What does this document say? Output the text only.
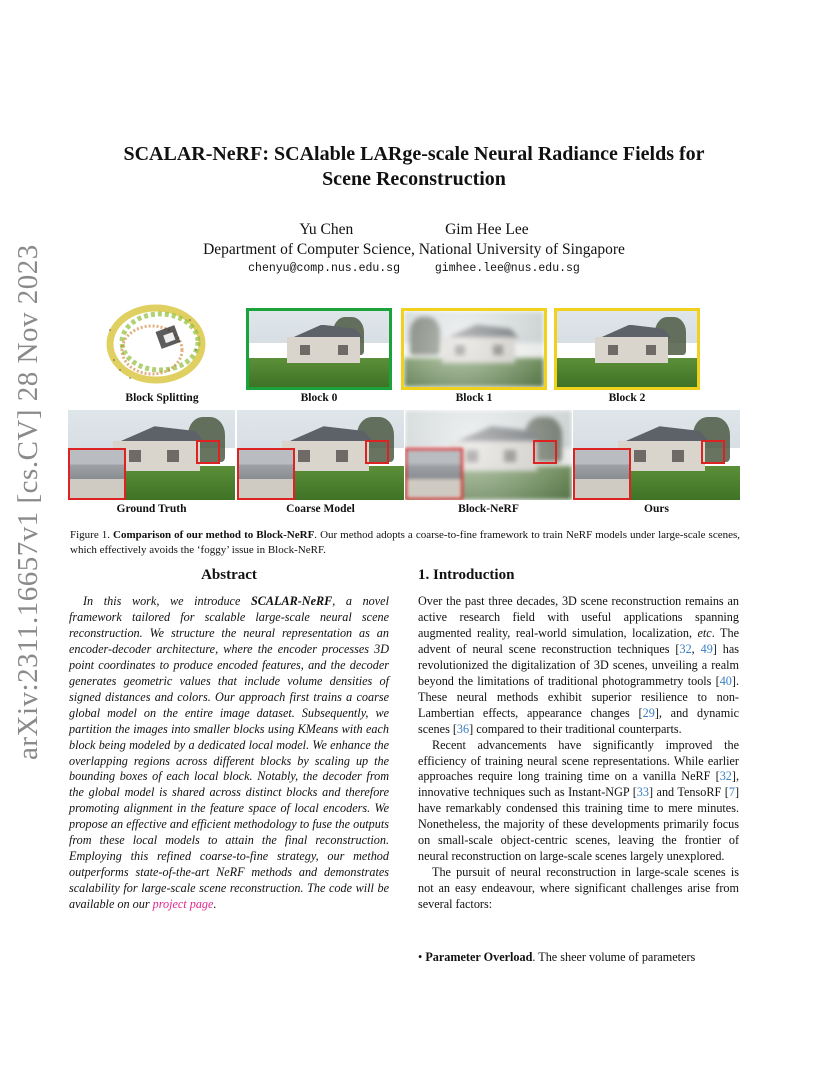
arXiv:2311.16657v1 [cs.CV] 28 Nov 2023
SCALAR-NeRF: SCAlable LARge-scale Neural Radiance Fields for
Scene Reconstruction
Yu Chen	Gim Hee Lee
Department of Computer Science, National University of Singapore
chenyu@comp.nus.edu.sg	gimhee.lee@nus.edu.sg
Block Splitting	Block 0	Block 1	Block 2
Ground Truth	Coarse Model	Block-NeRF	Ours
Figure 1. Comparison of our method to Block-NeRF. Our method adopts a coarse-to-fine framework to train NeRF models under large-scale scenes, which effectively avoids the ‘foggy’ issue in Block-NeRF.
Abstract	1. Introduction
In this work, we introduce SCALAR-NeRF, a novel framework tailored for scalable large-scale neural scene reconstruction. We structure the neural representation as an encoder-decoder architecture, where the encoder processes 3D point coordinates to produce encoded features, and the decoder generates geometric values that include volume densities of signed distances and colors. Our approach first trains a coarse global model on the entire image dataset. Subsequently, we partition the images into smaller blocks using KMeans with each block being modeled by a dedicated local model. We enhance the overlapping regions across different blocks by scaling up the bounding boxes of each local block. Notably, the decoder from the global model is shared across distinct blocks and therefore promoting alignment in the feature space of local encoders. We propose an effective and efficient methodology to fuse the outputs from these local models to attain the final reconstruction. Employing this refined coarse-to-fine strategy, our method outperforms state-of-the-art NeRF methods and demonstrates scalability for large-scale scene reconstruction. The code will be available on our project page.

Over the past three decades, 3D scene reconstruction remains an active research field with useful applications spanning augmented reality, real-world simulation, localization, etc. The advent of neural scene reconstruction techniques [32, 49] has revolutionized the digitalization of 3D scenes, unveiling a realm beyond the limitations of traditional photogrammetry tools [40]. These neural methods exhibit superior resilience to non-Lambertian effects, appearance changes [29], and dynamic scenes [36] compared to their traditional counterparts.

Recent advancements have significantly improved the efficiency of training neural scene representations. While earlier approaches require long training time on a vanilla NeRF [32], innovative techniques such as Instant-NGP [33] and TensoRF [7] have remarkably condensed this training time to mere minutes. Nonetheless, the majority of these developments primarily focus on small-scale object-centric scenes, leaving the frontier of neural reconstruction on large-scale scenes largely unexplored.

The pursuit of neural reconstruction in large-scale scenes is not an easy endeavour, where significant challenges arise from several factors:

• Parameter Overload. The sheer volume of parameters
